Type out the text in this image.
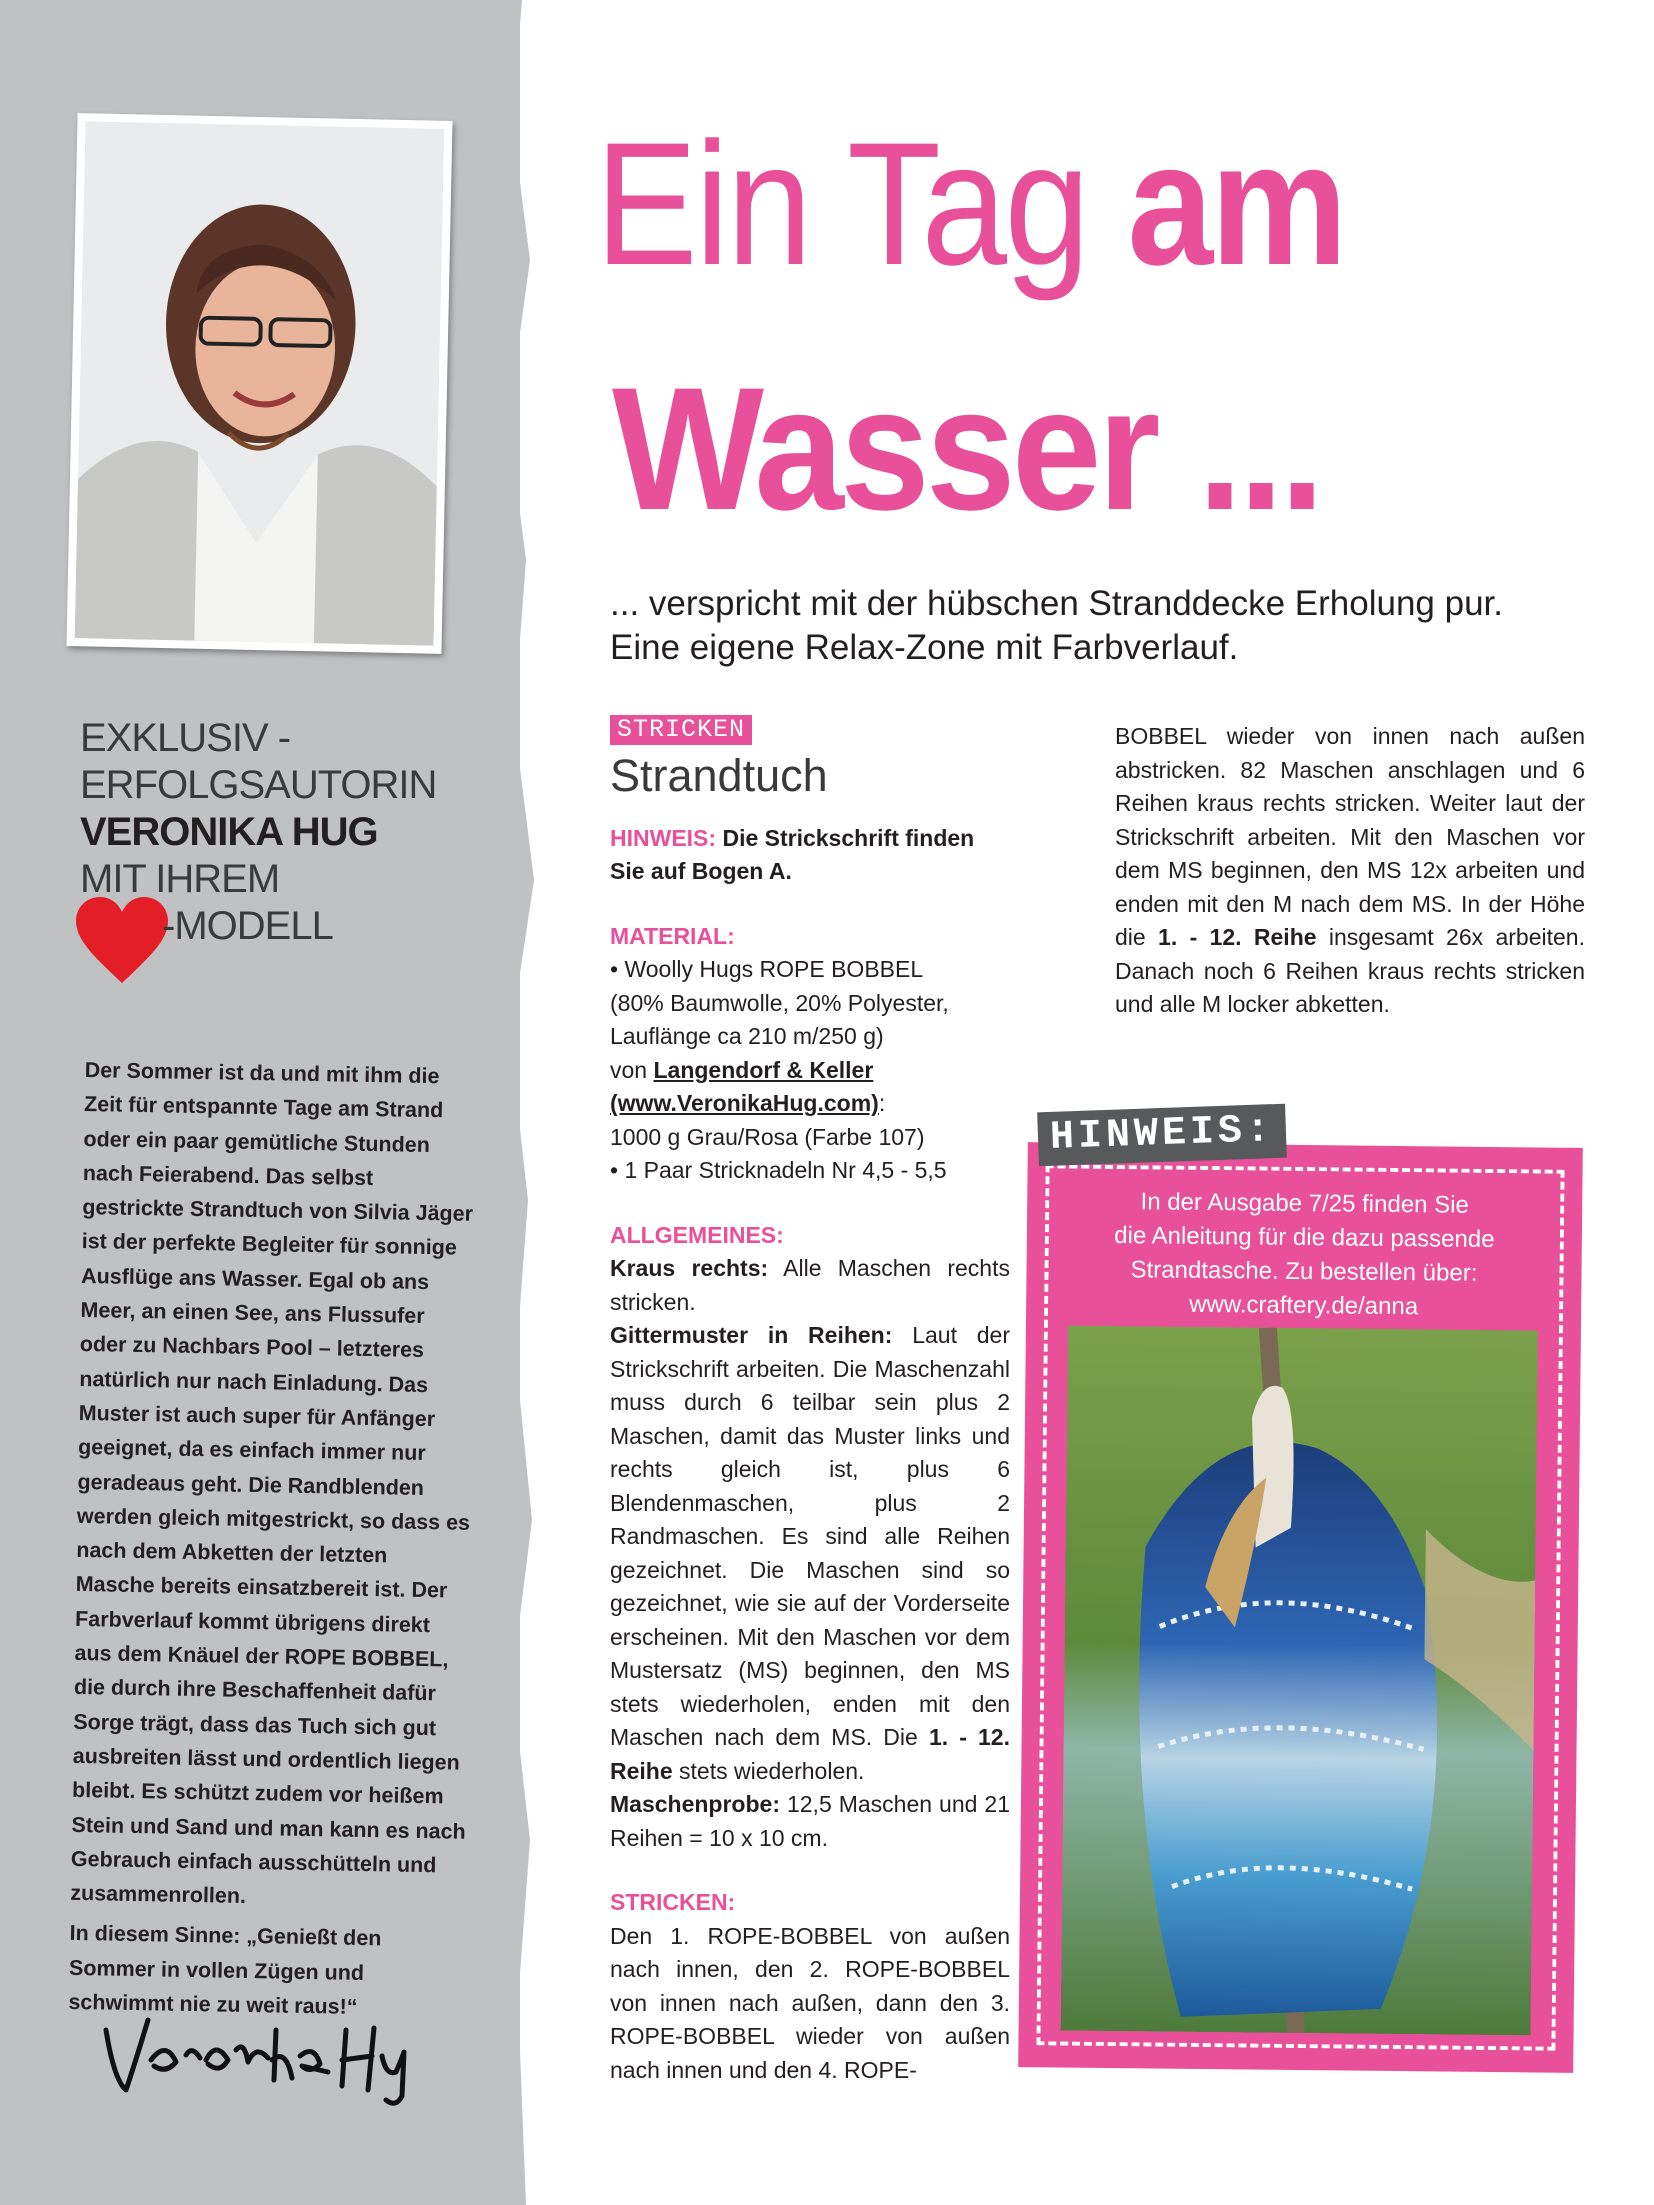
EXKLUSIV -
ERFOLGSAUTORIN
VERONIKA HUG
MIT IHREM
-MODELL

Der Sommer ist da und mit ihm die Zeit für entspannte Tage am Strand oder ein paar gemütliche Stunden nach Feierabend. Das selbst gestrickte Strandtuch von Silvia Jäger ist der perfekte Begleiter für sonnige Ausflüge ans Wasser. Egal ob ans Meer, an einen See, ans Flussufer oder zu Nachbars Pool – letzteres natürlich nur nach Einladung. Das Muster ist auch super für Anfänger geeignet, da es einfach immer nur geradeaus geht. Die Randblenden werden gleich mitgestrickt, so dass es nach dem Abketten der letzten Masche bereits einsatzbereit ist. Der Farbverlauf kommt übrigens direkt aus dem Knäuel der ROPE BOBBEL, die durch ihre Beschaffenheit dafür Sorge trägt, dass das Tuch sich gut ausbreiten lässt und ordentlich liegen bleibt. Es schützt zudem vor heißem Stein und Sand und man kann es nach Gebrauch einfach ausschütteln und zusammenrollen.

In diesem Sinne: „Genießt den Sommer in vollen Zügen und schwimmt nie zu weit raus!“

Ein Tag am
Wasser ...
... verspricht mit der hübschen Stranddecke Erholung pur.
Eine eigene Relax-Zone mit Farbverlauf.
STRICKEN
Strandtuch
HINWEIS: Die Strickschrift finden Sie auf Bogen A.
MATERIAL:
• Woolly Hugs ROPE BOBBEL
(80% Baumwolle, 20% Polyester, Lauflänge ca 210 m/250 g)
von Langendorf & Keller
(www.VeronikaHug.com):
1000 g Grau/Rosa (Farbe 107)
• 1 Paar Stricknadeln Nr 4,5 - 5,5
ALLGEMEINES:
Kraus rechts: Alle Maschen rechts stricken.
Gittermuster in Reihen: Laut der Strickschrift arbeiten. Die Maschenzahl muss durch 6 teilbar sein plus 2 Maschen, damit das Muster links und rechts gleich ist, plus 6 Blendenmaschen, plus 2 Randmaschen. Es sind alle Reihen gezeichnet. Die Maschen sind so gezeichnet, wie sie auf der Vorderseite erscheinen. Mit den Maschen vor dem Mustersatz (MS) beginnen, den MS stets wiederholen, enden mit den Maschen nach dem MS. Die 1. - 12. Reihe stets wiederholen.
Maschenprobe: 12,5 Maschen und 21 Reihen = 10 x 10 cm.
STRICKEN:
Den 1. ROPE-BOBBEL von außen nach innen, den 2. ROPE-BOBBEL von innen nach außen, dann den 3. ROPE-BOBBEL wieder von außen nach innen und den 4. ROPE-
BOBBEL wieder von innen nach außen abstricken. 82 Maschen anschlagen und 6 Reihen kraus rechts stricken. Weiter laut der Strickschrift arbeiten. Mit den Maschen vor dem MS beginnen, den MS 12x arbeiten und enden mit den M nach dem MS. In der Höhe die 1. - 12. Reihe insgesamt 26x arbeiten. Danach noch 6 Reihen kraus rechts stricken und alle M locker abketten.
In der Ausgabe 7/25 finden Sie
die Anleitung für die dazu passende
Strandtasche. Zu bestellen über:
www.craftery.de/anna
HINWEIS:
